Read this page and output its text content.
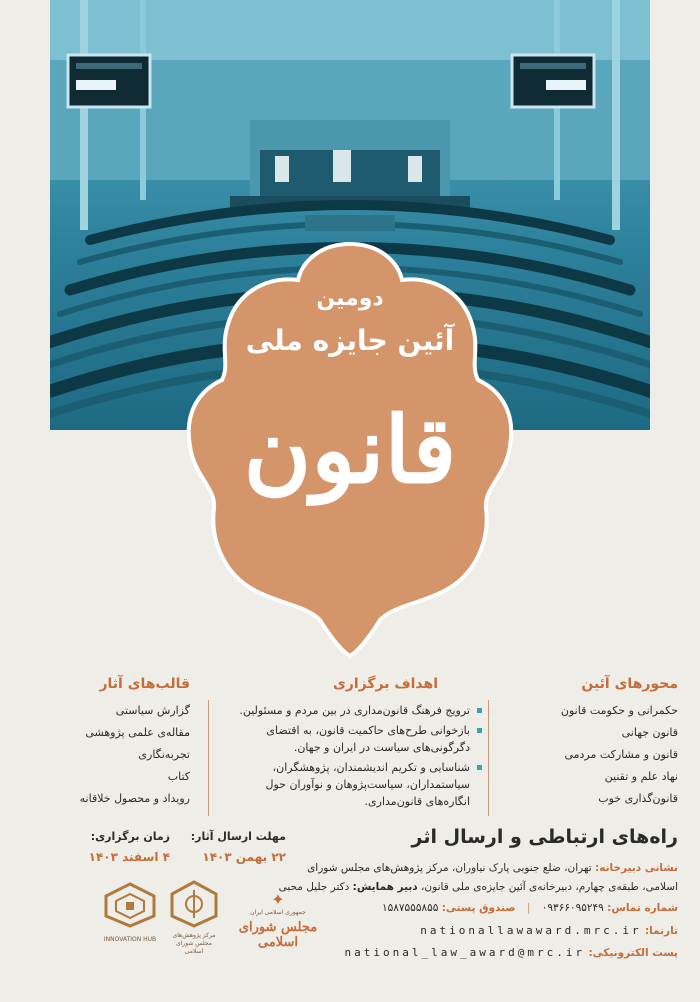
دومین
آئین جایزه ملی
قانون
محورهای آئین
حکمرانی و حکومت قانون
قانون جهانی
قانون و مشارکت مردمی
نهاد علم و تقنین
قانون‌گذاری خوب
اهداف برگزاری
ترویج فرهنگ قانون‌مداری در بین مردم و مسئولین.
بازخوانی طرح‌های حاکمیت قانون، به اقتضای دگرگونی‌های سیاست در ایران و جهان.
شناسایی و تکریم اندیشمندان، پژوهشگران، سیاستمداران، سیاست‌پژوهان و نوآوران حول انگاره‌های قانون‌مداری.
قالب‌های آثار
گزارش سیاستی
مقاله‌ی علمی پژوهشی
تجربه‌نگاری
کتاب
رویداد و محصول خلاقانه
راه‌های ارتباطی و ارسال اثر
نشانی دبیرخانه: تهران، ضلع جنوبی پارک نیاوران، مرکز پژوهش‌های مجلس شورای
اسلامی، طبقه‌ی چهارم، دبیرخانه‌ی آئین جایزه‌ی ملی قانون، دبیر همایش: دکتر جلیل محبی
شماره تماس: ۰۹۳۶۶۰۹۵۲۴۹ | صندوق پستی: ۱۵۸۷۵۵۵۸۵۵
تارنما: nationallawaward.mrc.ir
پست الکترونیکی: national_law_award@mrc.ir
مهلت ارسال آثار:
۲۲ بهمن ۱۴۰۳
زمان برگزاری:
۴ اسفند ۱۴۰۳
INNOVATION HUB
مرکز پژوهش‌های مجلس شورای اسلامی
✦
جمهوری اسلامی ایران
مجلس شورای اسلامی
